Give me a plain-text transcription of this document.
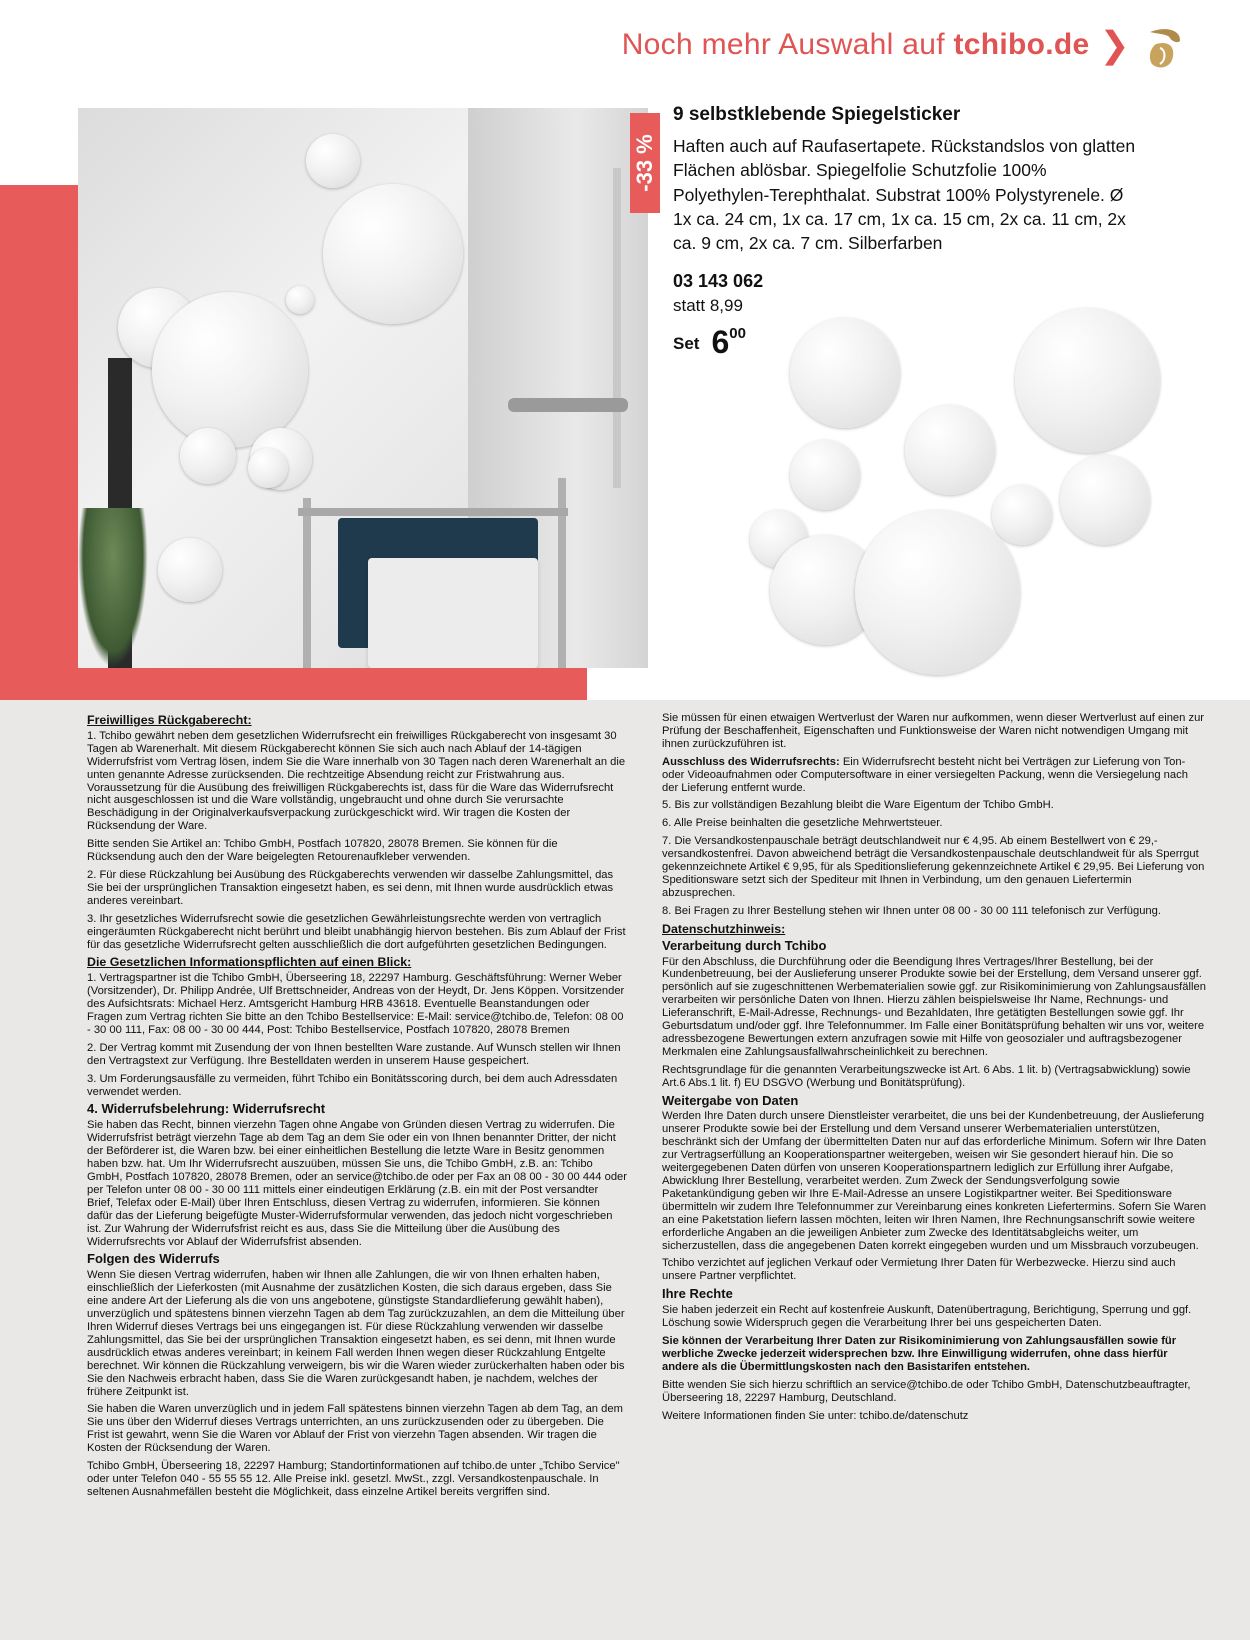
Noch mehr Auswahl auf tchibo.de ❯
-33 %
9 selbstklebende Spiegelsticker
Haften auch auf Raufasertapete. Rückstandslos von glatten Flächen ablösbar. Spiegelfolie Schutzfolie 100% Polyethylen-Terephthalat. Substrat 100% Polystyrenele. Ø 1x ca. 24 cm, 1x ca. 17 cm, 1x ca. 15 cm, 2x ca. 11 cm, 2x ca. 9 cm, 2x ca. 7 cm. Silberfarben
03 143 062
statt 8,99
Set 600
Freiwilliges Rückgaberecht:

1. Tchibo gewährt neben dem gesetzlichen Widerrufsrecht ein freiwilliges Rückgaberecht von insgesamt 30 Tagen ab Warenerhalt. Mit diesem Rückgaberecht können Sie sich auch nach Ablauf der 14-tägigen Widerrufsfrist vom Vertrag lösen, indem Sie die Ware innerhalb von 30 Tagen nach deren Warenerhalt an die unten genannte Adresse zurücksenden. Die rechtzeitige Absendung reicht zur Fristwahrung aus. Voraussetzung für die Ausübung des freiwilligen Rückgaberechts ist, dass für die Ware das Widerrufsrecht nicht ausgeschlossen ist und die Ware vollständig, ungebraucht und ohne durch Sie verursachte Beschädigung in der Originalverkaufsverpackung zurückgeschickt wird. Wir tragen die Kosten der Rücksendung der Ware.

Bitte senden Sie Artikel an: Tchibo GmbH, Postfach 107820, 28078 Bremen. Sie können für die Rücksendung auch den der Ware beigelegten Retourenaufkleber verwenden.

2. Für diese Rückzahlung bei Ausübung des Rückgaberechts verwenden wir dasselbe Zahlungsmittel, das Sie bei der ursprünglichen Transaktion eingesetzt haben, es sei denn, mit Ihnen wurde ausdrücklich etwas anderes vereinbart.

3. Ihr gesetzliches Widerrufsrecht sowie die gesetzlichen Gewährleistungsrechte werden von vertraglich eingeräumten Rückgaberecht nicht berührt und bleibt unabhängig hiervon bestehen. Bis zum Ablauf der Frist für das gesetzliche Widerrufsrecht gelten ausschließlich die dort aufgeführten gesetzlichen Bedingungen.

Die Gesetzlichen Informationspflichten auf einen Blick:

1. Vertragspartner ist die Tchibo GmbH, Überseering 18, 22297 Hamburg. Geschäftsführung: Werner Weber (Vorsitzender), Dr. Philipp Andrée, Ulf Brettschneider, Andreas von der Heydt, Dr. Jens Köppen. Vorsitzender des Aufsichtsrats: Michael Herz. Amtsgericht Hamburg HRB 43618. Eventuelle Beanstandungen oder Fragen zum Vertrag richten Sie bitte an den Tchibo Bestellservice: E-Mail: service@tchibo.de, Telefon: 08 00 - 30 00 111, Fax: 08 00 - 30 00 444, Post: Tchibo Bestellservice, Postfach 107820, 28078 Bremen

2. Der Vertrag kommt mit Zusendung der von Ihnen bestellten Ware zustande. Auf Wunsch stellen wir Ihnen den Vertragstext zur Verfügung. Ihre Bestelldaten werden in unserem Hause gespeichert.

3. Um Forderungsausfälle zu vermeiden, führt Tchibo ein Bonitätsscoring durch, bei dem auch Adressdaten verwendet werden.

4. Widerrufsbelehrung: Widerrufsrecht

Sie haben das Recht, binnen vierzehn Tagen ohne Angabe von Gründen diesen Vertrag zu widerrufen. Die Widerrufsfrist beträgt vierzehn Tage ab dem Tag an dem Sie oder ein von Ihnen benannter Dritter, der nicht der Beförderer ist, die Waren bzw. bei einer einheitlichen Bestellung die letzte Ware in Besitz genommen haben bzw. hat. Um Ihr Widerrufsrecht auszuüben, müssen Sie uns, die Tchibo GmbH, z.B. an: Tchibo GmbH, Postfach 107820, 28078 Bremen, oder an service@tchibo.de oder per Fax an 08 00 - 30 00 444 oder per Telefon unter 08 00 - 30 00 111 mittels einer eindeutigen Erklärung (z.B. ein mit der Post versandter Brief, Telefax oder E-Mail) über Ihren Entschluss, diesen Vertrag zu widerrufen, informieren. Sie können dafür das der Lieferung beigefügte Muster-Widerrufsformular verwenden, das jedoch nicht vorgeschrieben ist. Zur Wahrung der Widerrufsfrist reicht es aus, dass Sie die Mitteilung über die Ausübung des Widerrufsrechts vor Ablauf der Widerrufsfrist absenden.

Folgen des Widerrufs

Wenn Sie diesen Vertrag widerrufen, haben wir Ihnen alle Zahlungen, die wir von Ihnen erhalten haben, einschließlich der Lieferkosten (mit Ausnahme der zusätzlichen Kosten, die sich daraus ergeben, dass Sie eine andere Art der Lieferung als die von uns angebotene, günstigste Standardlieferung gewählt haben), unverzüglich und spätestens binnen vierzehn Tagen ab dem Tag zurückzuzahlen, an dem die Mitteilung über Ihren Widerruf dieses Vertrags bei uns eingegangen ist. Für diese Rückzahlung verwenden wir dasselbe Zahlungsmittel, das Sie bei der ursprünglichen Transaktion eingesetzt haben, es sei denn, mit Ihnen wurde ausdrücklich etwas anderes vereinbart; in keinem Fall werden Ihnen wegen dieser Rückzahlung Entgelte berechnet. Wir können die Rückzahlung verweigern, bis wir die Waren wieder zurückerhalten haben oder bis Sie den Nachweis erbracht haben, dass Sie die Waren zurückgesandt haben, je nachdem, welches der frühere Zeitpunkt ist.

Sie haben die Waren unverzüglich und in jedem Fall spätestens binnen vierzehn Tagen ab dem Tag, an dem Sie uns über den Widerruf dieses Vertrags unterrichten, an uns zurückzusenden oder zu übergeben. Die Frist ist gewahrt, wenn Sie die Waren vor Ablauf der Frist von vierzehn Tagen absenden. Wir tragen die Kosten der Rücksendung der Waren.

Tchibo GmbH, Überseering 18, 22297 Hamburg; Standortinformationen auf tchibo.de unter „Tchibo Service" oder unter Telefon 040 - 55 55 55 12. Alle Preise inkl. gesetzl. MwSt., zzgl. Versandkostenpauschale. In seltenen Ausnahmefällen besteht die Möglichkeit, dass einzelne Artikel bereits vergriffen sind.

Sie müssen für einen etwaigen Wertverlust der Waren nur aufkommen, wenn dieser Wertverlust auf einen zur Prüfung der Beschaffenheit, Eigenschaften und Funktionsweise der Waren nicht notwendigen Umgang mit ihnen zurückzuführen ist.

Ausschluss des Widerrufsrechts: Ein Widerrufsrecht besteht nicht bei Verträgen zur Lieferung von Ton- oder Videoaufnahmen oder Computersoftware in einer versiegelten Packung, wenn die Versiegelung nach der Lieferung entfernt wurde.

5. Bis zur vollständigen Bezahlung bleibt die Ware Eigentum der Tchibo GmbH.

6. Alle Preise beinhalten die gesetzliche Mehrwertsteuer.

7. Die Versandkostenpauschale beträgt deutschlandweit nur € 4,95. Ab einem Bestellwert von € 29,- versandkostenfrei. Davon abweichend beträgt die Versandkostenpauschale deutschlandweit für als Sperrgut gekennzeichnete Artikel € 9,95, für als Speditionslieferung gekennzeichnete Artikel € 29,95. Bei Lieferung von Speditionsware setzt sich der Spediteur mit Ihnen in Verbindung, um den genauen Liefertermin abzusprechen.

8. Bei Fragen zu Ihrer Bestellung stehen wir Ihnen unter 08 00 - 30 00 111 telefonisch zur Verfügung.

Datenschutzhinweis:
Verarbeitung durch Tchibo

Für den Abschluss, die Durchführung oder die Beendigung Ihres Vertrages/Ihrer Bestellung, bei der Kundenbetreuung, bei der Auslieferung unserer Produkte sowie bei der Erstellung, dem Versand unserer ggf. persönlich auf sie zugeschnittenen Werbematerialien sowie ggf. zur Risikominimierung von Zahlungsausfällen verarbeiten wir persönliche Daten von Ihnen. Hierzu zählen beispielsweise Ihr Name, Rechnungs- und Lieferanschrift, E-Mail-Adresse, Rechnungs- und Bezahldaten, Ihre getätigten Bestellungen sowie ggf. Ihr Geburtsdatum und/oder ggf. Ihre Telefonnummer. Im Falle einer Bonitätsprüfung behalten wir uns vor, weitere adressbezogene Bewertungen extern anzufragen sowie mit Hilfe von geosozialer und auftragsbezogener Merkmalen eine Zahlungsausfallwahrscheinlichkeit zu berechnen.

Rechtsgrundlage für die genannten Verarbeitungszwecke ist Art. 6 Abs. 1 lit. b) (Vertragsabwicklung) sowie Art.6 Abs.1 lit. f) EU DSGVO (Werbung und Bonitätsprüfung).

Weitergabe von Daten

Werden Ihre Daten durch unsere Dienstleister verarbeitet, die uns bei der Kundenbetreuung, der Auslieferung unserer Produkte sowie bei der Erstellung und dem Versand unserer Werbematerialien unterstützen, beschränkt sich der Umfang der übermittelten Daten nur auf das erforderliche Minimum. Sofern wir Ihre Daten zur Vertragserfüllung an Kooperationspartner weitergeben, weisen wir Sie gesondert hierauf hin. Die so weitergegebenen Daten dürfen von unseren Kooperationspartnern lediglich zur Erfüllung ihrer Aufgabe, Abwicklung Ihrer Bestellung, verarbeitet werden. Zum Zweck der Sendungsverfolgung sowie Paketankündigung geben wir Ihre E-Mail-Adresse an unsere Logistikpartner weiter. Bei Speditionsware übermitteln wir zudem Ihre Telefonnummer zur Vereinbarung eines konkreten Liefertermins. Sofern Sie Waren an eine Paketstation liefern lassen möchten, leiten wir Ihren Namen, Ihre Rechnungsanschrift sowie weitere erforderliche Angaben an die jeweiligen Anbieter zum Zwecke des Identitätsabgleichs weiter, um sicherzustellen, dass die angegebenen Daten korrekt eingegeben wurden und um Missbrauch vorzubeugen.

Tchibo verzichtet auf jeglichen Verkauf oder Vermietung Ihrer Daten für Werbezwecke. Hierzu sind auch unsere Partner verpflichtet.

Ihre Rechte

Sie haben jederzeit ein Recht auf kostenfreie Auskunft, Datenübertragung, Berichtigung, Sperrung und ggf. Löschung sowie Widerspruch gegen die Verarbeitung Ihrer bei uns gespeicherten Daten.

Sie können der Verarbeitung Ihrer Daten zur Risikominimierung von Zahlungsausfällen sowie für werbliche Zwecke jederzeit widersprechen bzw. Ihre Einwilligung widerrufen, ohne dass hierfür andere als die Übermittlungskosten nach den Basistarifen entstehen.

Bitte wenden Sie sich hierzu schriftlich an service@tchibo.de oder Tchibo GmbH, Datenschutzbeauftragter, Überseering 18, 22297 Hamburg, Deutschland.

Weitere Informationen finden Sie unter: tchibo.de/datenschutz
